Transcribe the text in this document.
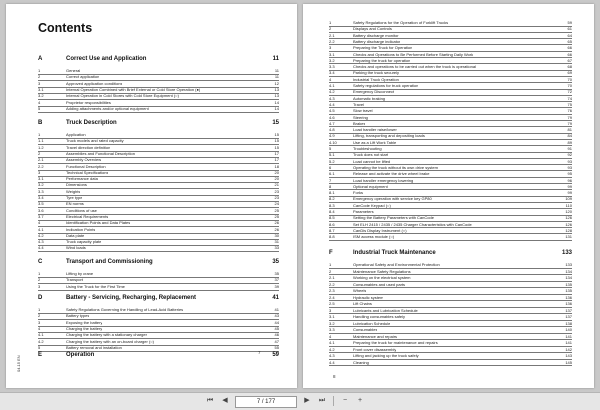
Contents
A	Correct Use and Application	11
1	General	11
2	Correct application	11
3	Approved application conditions	12
3.1	Internal Operation Combined with Brief External or Cold Store Operation (●)	13
3.2	Internal Operation in Cold Stores with Cold Store Equipment (○)	13
4	Proprietor responsibilities	14
5	Adding attachments and/or optional equipment	14
B	Truck Description	15
1	Application	15
1.1	Truck models and rated capacity	15
1.2	Travel direction definition	15
2	Assemblies and Functional Description	17
2.1	Assembly Overview	17
2.2	Functional Description	18
3	Technical Specifications	20
3.1	Performance data	20
3.2	Dimensions	21
3.3	Weights	23
3.4	Tyre type	23
3.5	EN norms	24
3.6	Conditions of use	25
3.7	Electrical Requirements	25
4	Identification Points and Data Plates	26
4.1	Indication Points	26
4.2	Data plate	30
4.3	Truck capacity plate	31
4.4	Wind loads	33
C	Transport and Commissioning	35
1	Lifting by crane	35
2	Transport	37
3	Using the Truck for the First Time	39
D	Battery - Servicing, Recharging, Replacement	41
1	Safety Regulations Governing the Handling of Lead-Acid Batteries	41
2	Battery types	43
3	Exposing the battery	44
4	Charging the battery	45
4.1	Charging the battery with a stationary charger	46
4.2	Charging the battery with an on-board charger (○)	47
5	Battery removal and installation	55
E	Operation	59
7
04.15 EN
1	Safety Regulations for the Operation of Forklift Trucks	59
2	Displays and Controls	61
2.1	Battery discharge monitor	64
2.2	Battery discharge indicator	65
3	Preparing the Truck for Operation	66
3.1	Checks and Operations to Be Performed Before Starting Daily Work	66
3.2	Preparing the truck for operation	67
3.3	Checks and operations to be carried out when the truck is operational	68
3.4	Parking the truck securely	69
4	Industrial Truck Operation	70
4.1	Safety regulations for truck operation	70
4.2	Emergency Disconnect	72
4.3	Automatic braking	74
4.4	Travel	75
4.5	Slow travel	76
4.6	Steering	79
4.7	Brakes	79
4.8	Load handler raise/lower	81
4.9	Lifting, transporting and depositing loads	84
4.10	Use as a Lift Work Table	89
5	Troubleshooting	91
5.1	Truck does not start	92
5.2	Load cannot be lifted	93
6	Operating the truck without its own drive system	93
6.1	Release and activate the drive wheel brake	95
7	Load handler emergency lowering	96
8	Optional equipment	99
8.1	Forks	99
8.2	Emergency operation with service key GP80	109
8.3	CanCode Keypad (○)	110
8.4	Parameters	120
8.5	Setting the Battery Parameters with CanCode	126
8.6	Set ELH 2415 / 2435 / 2435 Charger Characteristics with CanCode	126
8.7	CanDis Display Instrument (○)	128
8.8	ISM access module (○)	131
F	Industrial Truck Maintenance	133
1	Operational Safety and Environmental Protection	133
2	Maintenance Safety Regulations	134
2.1	Working on the electrical system	134
2.2	Consumables and used parts	135
2.3	Wheels	135
2.4	Hydraulic system	136
2.5	Lift Chains	136
3	Lubricants and Lubrication Schedule	137
3.1	Handling consumables safely	137
3.2	Lubrication Schedule	138
3.3	Consumables	140
4	Maintenance and repairs	141
4.1	Preparing the truck for maintenance and repairs	141
4.2	Front cover disassembly	142
4.3	Lifting and jacking up the truck safely	143
4.4	Cleaning	145
8
⏮	◀	7 / 177	▶	⏭	−	+
